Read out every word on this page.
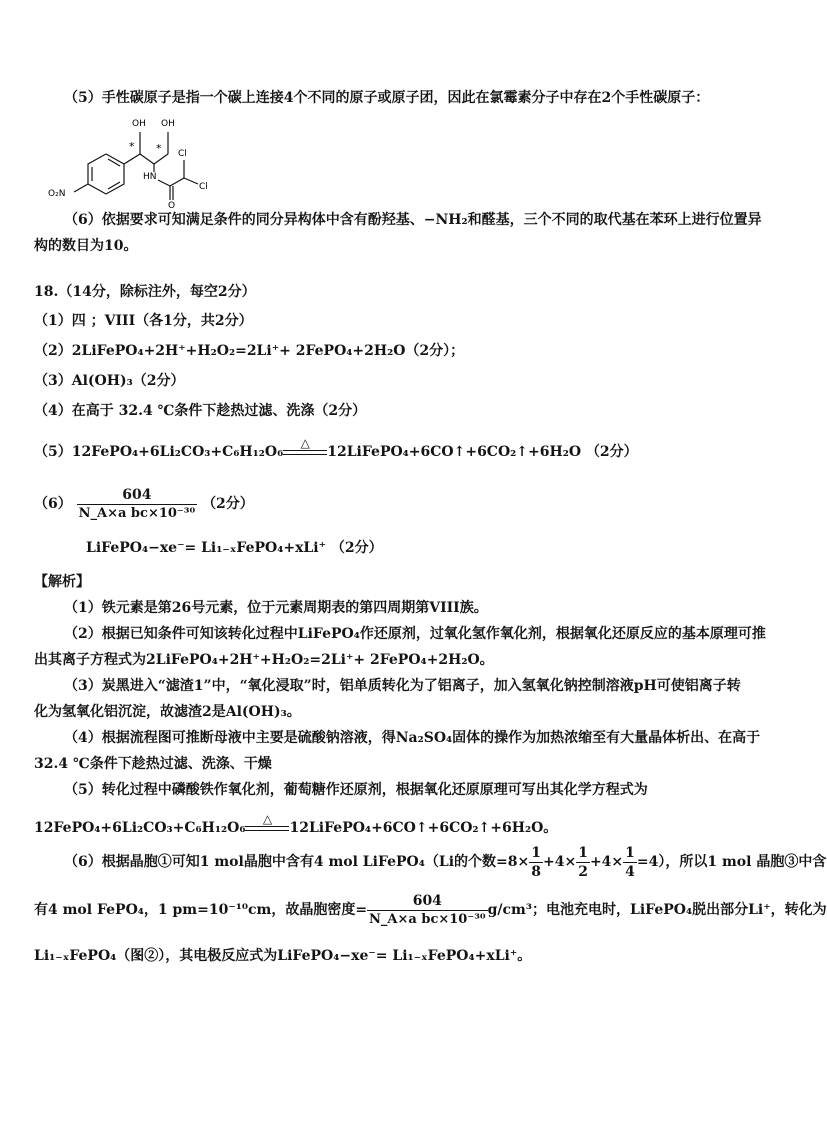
（5）手性碳原子是指一个碳上连接4个不同的原子或原子团，因此在氯霉素分子中存在2个手性碳原子：
OH OH
* * Cl
Cl
O₂N
HN
O
（6）依据要求可知满足条件的同分异构体中含有酚羟基、−NH₂和醛基，三个不同的取代基在苯环上进行位置异
构的数目为10。
18.（14分，除标注外，每空2分）
（1）四 ；VIII（各1分，共2分）
（2）2LiFePO₄+2H⁺+H₂O₂=2Li⁺+ 2FePO₄+2H₂O（2分）；
（3）Al(OH)₃（2分）
（4）在高于 32.4 ℃条件下趁热过滤、洗涤（2分）
（5）12FePO₄+6Li₂CO₃+C₆H₁₂O₆
△
12LiFePO₄+6CO↑+6CO₂↑+6H₂O （2分）
$(6) \frac{604}{\text{N\_A×a bc×10⁻³⁰}} (2$分）
LiFePO₄−xe⁻= Li₁₋ₓFePO₄+xLi⁺ （2分）
【解析】
（1）铁元素是第26号元素，位于元素周期表的第四周期第VIII族。
（2）根据已知条件可知该转化过程中LiFePO₄作还原剂，过氧化氢作氧化剂，根据氧化还原反应的基本原理可推
出其离子方程式为2LiFePO₄+2H⁺+H₂O₂=2Li⁺+ 2FePO₄+2H₂O。
（3）炭黑进入“滤渣1”中，“氧化浸取”时，铝单质转化为了铝离子，加入氢氧化钠控制溶液pH可使铝离子转
化为氢氧化铝沉淀，故滤渣2是Al(OH)₃。
（4）根据流程图可推断母液中主要是硫酸钠溶液，得Na₂SO₄固体的操作为加热浓缩至有大量晶体析出、在高于
32.4 ℃条件下趁热过滤、洗涤、干燥
（5）转化过程中磷酸铁作氧化剂，葡萄糖作还原剂，根据氧化还原原理可写出其化学方程式为
12FePO₄+6Li₂CO₃+C₆H₁₂O₆
△
12LiFePO₄+6CO↑+6CO₂↑+6H₂O。
（6）根据晶胞①可知1 mol晶胞中含有4 mol LiFePO₄（Li的个数$=8\times \frac{1}{8} +4\times \frac{1}{2} +4\times \frac{1}{4} =4$），所以1 mol 晶胞③中含
有4 mol FePO₄，1 pm=10⁻¹⁰cm，故晶胞密度= $\frac{604}{\text{N\_A×a bc×10⁻³⁰}} g/cm^3$；电池充电时，LiFePO₄脱出部分Li⁺，转化为
Li₁₋ₓFePO₄（图②），其电极反应式为LiFePO₄−xe⁻= Li₁₋ₓFePO₄+xLi⁺。
